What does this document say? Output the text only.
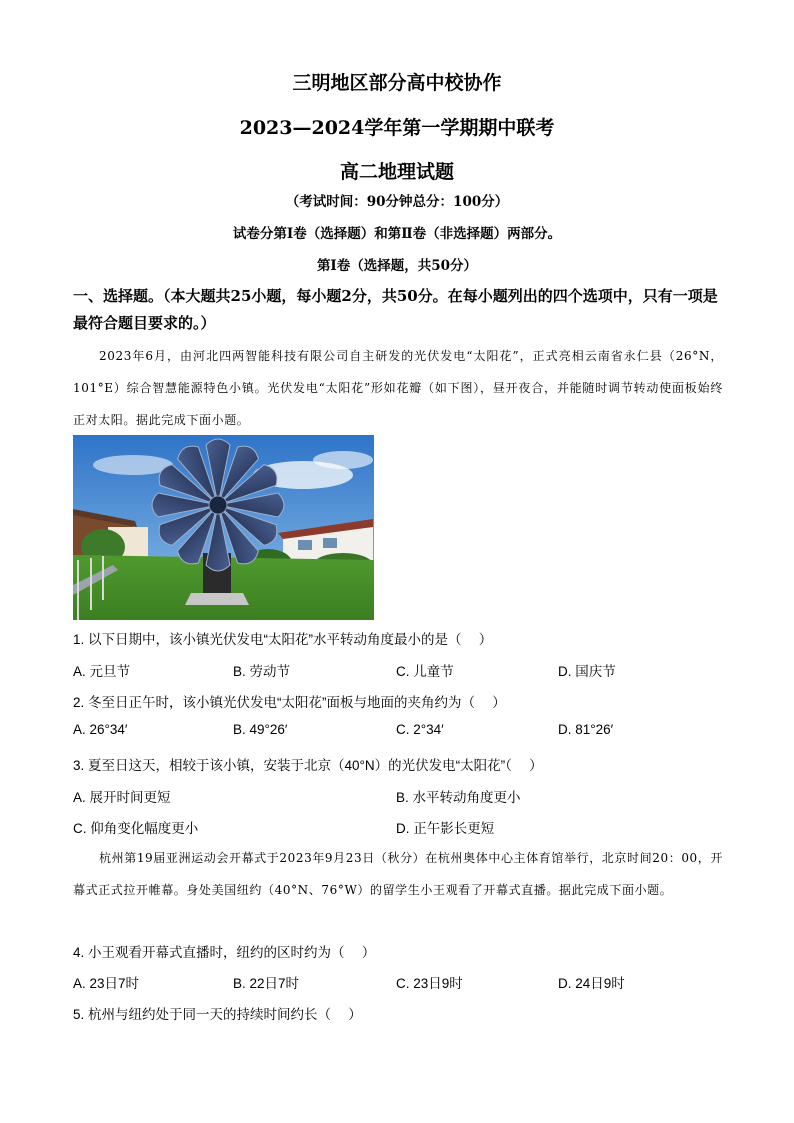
三明地区部分高中校协作
2023—2024学年第一学期期中联考
高二地理试题
（考试时间：90分钟总分：100分）
试卷分第Ⅰ卷（选择题）和第Ⅱ卷（非选择题）两部分。
第Ⅰ卷（选择题，共50分）
一、选择题。（本大题共25小题，每小题2分，共50分。在每小题列出的四个选项中，只有一项是最符合题目要求的。）
2023年6月，由河北四两智能科技有限公司自主研发的光伏发电“太阳花”，正式亮相云南省永仁县（26°N，101°E）综合智慧能源特色小镇。光伏发电“太阳花”形如花瓣（如下图），昼开夜合，并能随时调节转动使面板始终正对太阳。据此完成下面小题。
1. 以下日期中，该小镇光伏发电“太阳花”水平转动角度最小的是（　 ）
A. 元旦节	B. 劳动节	C. 儿童节	D. 国庆节
2. 冬至日正午时，该小镇光伏发电“太阳花”面板与地面的夹角约为（　 ）
A. 26°34′	B. 49°26′	C. 2°34′	D. 81°26′
3. 夏至日这天，相较于该小镇，安装于北京（40°N）的光伏发电“太阳花”（　 ）
A. 展开时间更短	B. 水平转动角度更小
C. 仰角变化幅度更小	D. 正午影长更短
杭州第19届亚洲运动会开幕式于2023年9月23日（秋分）在杭州奥体中心主体育馆举行，北京时间20：00，开幕式正式拉开帷幕。身处美国纽约（40°N、76°W）的留学生小王观看了开幕式直播。据此完成下面小题。
4. 小王观看开幕式直播时，纽约的区时约为（　 ）
A. 23日7时	B. 22日7时	C. 23日9时	D. 24日9时
5. 杭州与纽约处于同一天的持续时间约长（　 ）
